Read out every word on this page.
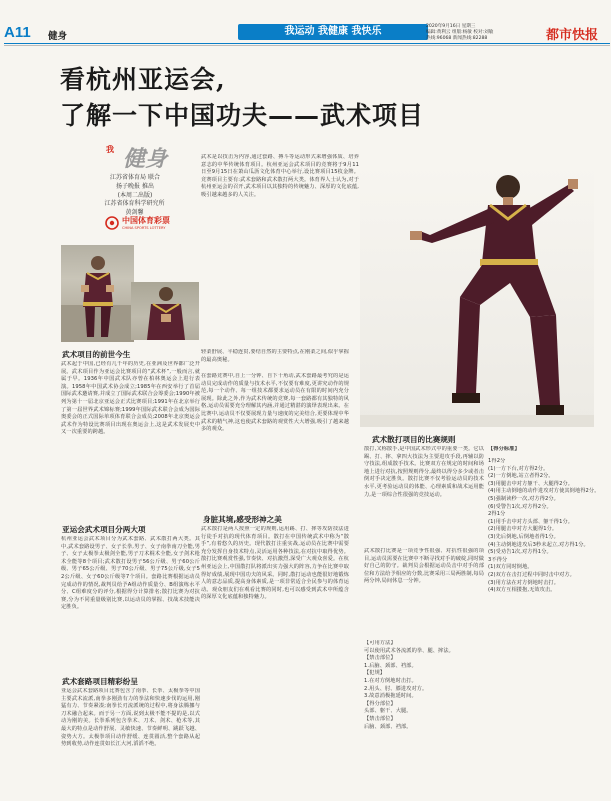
A11 健身	我运动 我健康 我快乐	2020年9月16日 星期三
编辑:黄利云 组版:杨敏 校对:刘敏
热线:96068 新闻热线:82288	都市快报
看杭州亚运会,
了解一下中国功夫——武术项目
我 健身
江苏省体育局 联合
扬子晚报 推出
(本周二出版)
江苏省体育科学研究所
黄剑馨
中国体育彩票
CHINA SPORTS LOTTERY
武术是以技击为内容,通过套路、搏斗等运动形式来增强体质、培养意志的中华传统体育项目。杭州亚运会武术项目的竞赛将于9月11日至9月15日在萧山瓜沥文化体育中心举行,设比赛项目15枚金牌。竞赛项目主要有:武术套路和武术散打两大类。体育界人士认为,对于杭州亚运会的召开,武术项目以其独特的传统魅力、深厚的文化底蕴,吸引越来越多的人关注。
武术项目的前世今生
武术起于中国,已经有几千年的历史,在亚洲及世界都广泛开展。武术项目作为亚运会比赛项目的“武术杯”,一般而言,就属于早。1936年中国武术队亦曾在柏林奥运会上进行表演。1958年中国武术协会成立;1985年在西安举行了首届国际武术邀请赛,并成立了国际武术联合会筹委会;1990年被列为第十一届北京亚运会正式比赛项目;1991年在北京举行了第一届世界武术锦标赛;1999年国际武术联合会成为国际奥委会的正式国际单项体育联合会成员;2008年北京奥运会武术作为特设比赛项目出现在奥运会上,这是武术发展史中又一次重要的跨越。
亚运会武术项目分两大项
杭州亚运会武术项目分为武术套路、武术散打两大类。其中,武术套路设男子、女子长拳,男子、女子南拳南刀全能,男子、女子太极拳太极剑全能,男子刀术棍术全能,女子剑术枪术全能等8个项目;武术散打设男子56公斤级、男子60公斤级、男子65公斤级、男子70公斤级、男子75公斤级,女子52公斤级、女子60公斤级等7个项目。套路比赛根据运动员完成动作的情况,裁判员给予A组动作质量分、B组演练水平分、C组难度分的评分,根据得分计算排名;散打比赛为对抗赛,分为不同重量级别比赛,以运动员的掌握、技战术技能决定胜负。
武术套路项目精彩纷呈
亚运会武术套路项目比赛包含了南拳、长拳、太极拳等中国主要武术流派,南拳多刚劲有力的拳法和快速步伐的运用,刚猛有力、节奏紧凑;南拳长刃流派统的过程中,将身法腾挪与刀术融合起来。而于另一方面,说到太极不能不提的是,以式动为刚的美。长拳系列包含拳术、刀术、剑术、枪术等,其最大的特点是动作舒展、灵敏快速、节奏鲜明、跳跃飞越、姿势大方。太极拳项目动作舒缓、连贯圆活,整个套路从起势到收势,动作连贯如长江大河,滔滔不绝。
轻柔舒展、平稳连贯,要结自然的主要特点,在刚柔之间,似乎掌握的最高奥秘。
在套路竞赛中,自上一分钟、自下十角动,武术套路最考究的是运动员完成动作的质量与技术水平,不仅要有难度,更讲究动作的规范,每一个动作、每一组技术都要求运动员在有限的时间内充分展现。除此之外,作为武术传统的竞赛,每一套路都有其独特的风格,运动员需要充分理解其内涵,并通过精湛的演绎表现出来。在比赛中,运动员不仅要展现力量与速度的完美结合,更要体现中华武术的精气神,这也使武术套路的观赏性大大增强,吸引了越来越多的观众。
身脏其境,感受形神之美
武术散打是两人按照一定的规则,运用踢、打、摔等攻防技法进行徒手对抗的现代体育项目。散打在中国传统武术中称为“散手”,有着悠久的历史。现代散打注重实战,运动员在比赛中需要充分发挥自身技术特点,灵活运用各种技法,在对抗中取得优势。散打比赛观赏性强,节奏快、对抗激烈,深受广大观众喜爱。在杭州亚运会上,中国散打队将派出实力强大的阵容,力争在比赛中取得好成绩,展现中国功夫的风采。同时,散打运动也能很好地锻炼人的意志品质,提高身体素质,是一项非常适合全民参与的体育运动。观众朋友们在观看比赛的同时,也可以感受到武术中所蕴含的深厚文化底蕴和独特魅力。
武术散打项目的比赛规则
散打,又称散手,是中国武术形式中的重要一类。它以踢、打、摔、拿四大技法为主要进攻手段,再辅以防守技法,组成散手技术。比赛双方在规定的时间和场地上进行对抗,按照规则得分,最终以得分多少或者击倒对手决定胜负。散打比赛不仅考验运动员的技术水平,更考验运动员的体能、心理素质和战术运用能力,是一项综合性很强的竞技运动。
武术散打比赛是一项竞争性很强、对抗性很强的项目,运动员需要在比赛中不断寻找对手的破绽,同时做好自己的防守。裁判员会根据运动员击中对手的部位和方法给予相应的分数,比赛采用三局两胜制,每局两分钟,局间休息一分钟。
【可用方法】
可以使用武术各流派的拳、腿、摔法。
【禁击部位】
1.后脑、颈部、裆部。
【犯规】
1.在对方倒地时击打。
2.用头、肘、膝进攻对方。
3.故意消极拖延时间。
【得分部位】
头部、躯干、大腿。
【禁击部位】
后脑、颈部、裆部。
【得分标准】
1得2分
(1)一方下台,对方得2分。
(2)一方倒地,站立者得2分。
(3)用腿击中对方躯干、大腿得2分。
(4)用主动倒地的动作进攻对方使其倒地得2分。
(5)强制读秒一次,对方得2分。
(6)受警告1次,对方得2分。
2得1分
(1)用手击中对方头部、躯干得1分。
(2)用腿击中对方大腿得1分。
(3)先后倒地,后倒地者得1分。
(4)主动倒地进攻后3秒未起立,对方得1分。
(5)受劝告1次,对方得1分。
3不得分
(1)双方同时倒地。
(2)双方在击打过程中同时击中对方。
(3)用方法在对方倒地时击打。
(4)双方互相搂抱,无效攻击。
